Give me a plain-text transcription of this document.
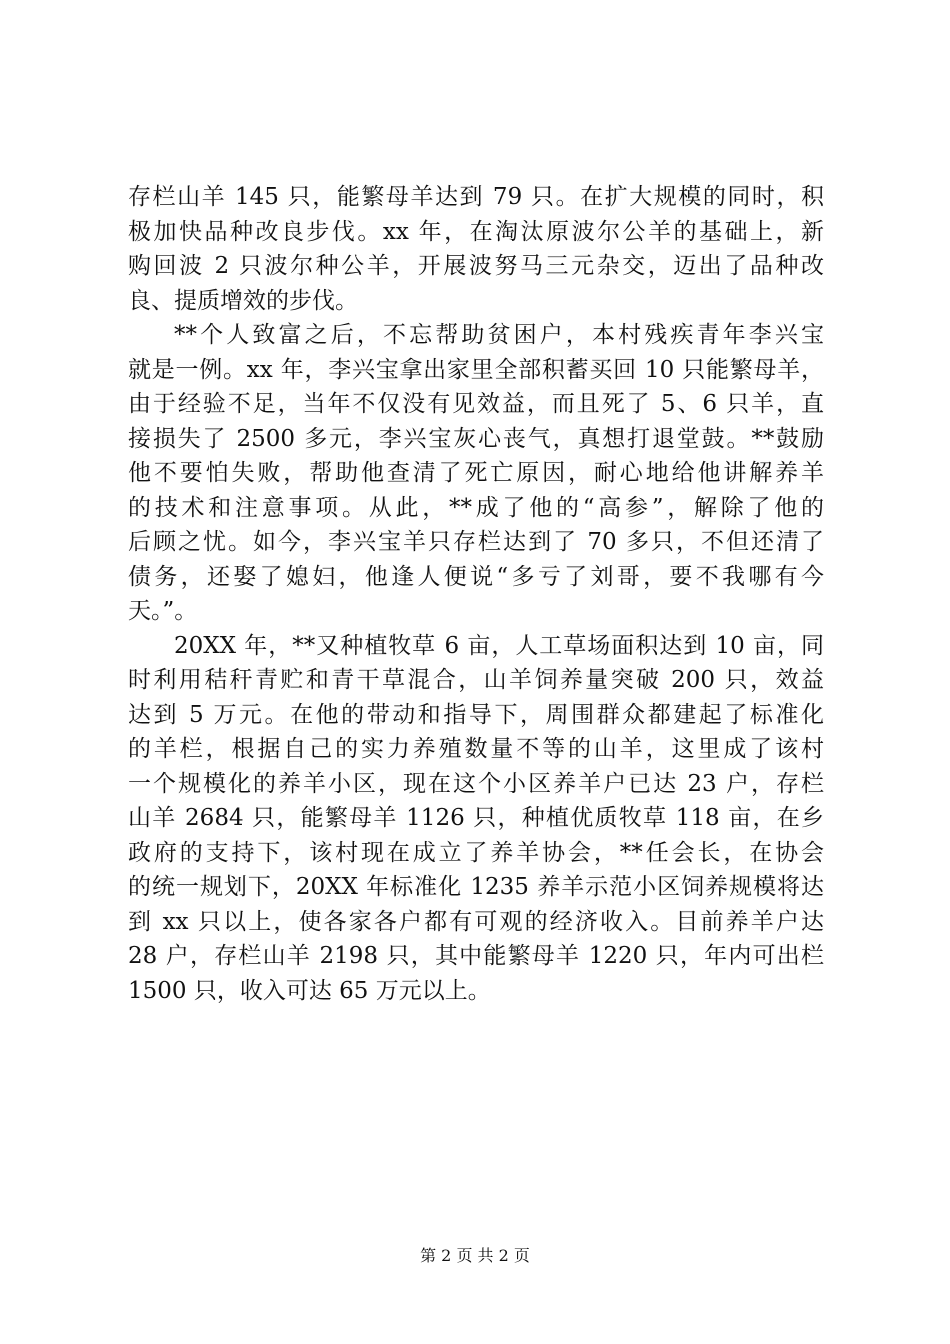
存栏山羊 145 只，能繁母羊达到 79 只。在扩大规模的同时，积
极加快品种改良步伐。xx 年，在淘汰原波尔公羊的基础上，新
购回波 2 只波尔种公羊，开展波努马三元杂交，迈出了品种改
良、提质增效的步伐。
**个人致富之后，不忘帮助贫困户，本村残疾青年李兴宝
就是一例。xx 年，李兴宝拿出家里全部积蓄买回 10 只能繁母羊，
由于经验不足，当年不仅没有见效益，而且死了 5、6 只羊，直
接损失了 2500 多元，李兴宝灰心丧气，真想打退堂鼓。**鼓励
他不要怕失败，帮助他查清了死亡原因，耐心地给他讲解养羊
的技术和注意事项。从此，**成了他的“高参”，解除了他的
后顾之忧。如今，李兴宝羊只存栏达到了 70 多只，不但还清了
债务，还娶了媳妇，他逢人便说“多亏了刘哥，要不我哪有今
天。”。
20XX 年，**又种植牧草 6 亩，人工草场面积达到 10 亩，同
时利用秸秆青贮和青干草混合，山羊饲养量突破 200 只，效益
达到 5 万元。在他的带动和指导下，周围群众都建起了标准化
的羊栏，根据自己的实力养殖数量不等的山羊，这里成了该村
一个规模化的养羊小区，现在这个小区养羊户已达 23 户，存栏
山羊 2684 只，能繁母羊 1126 只，种植优质牧草 118 亩，在乡
政府的支持下，该村现在成立了养羊协会，**任会长，在协会
的统一规划下，20XX 年标准化 1235 养羊示范小区饲养规模将达
到 xx 只以上，使各家各户都有可观的经济收入。目前养羊户达
28 户，存栏山羊 2198 只，其中能繁母羊 1220 只，年内可出栏
1500 只，收入可达 65 万元以上。
第 2 页 共 2 页
